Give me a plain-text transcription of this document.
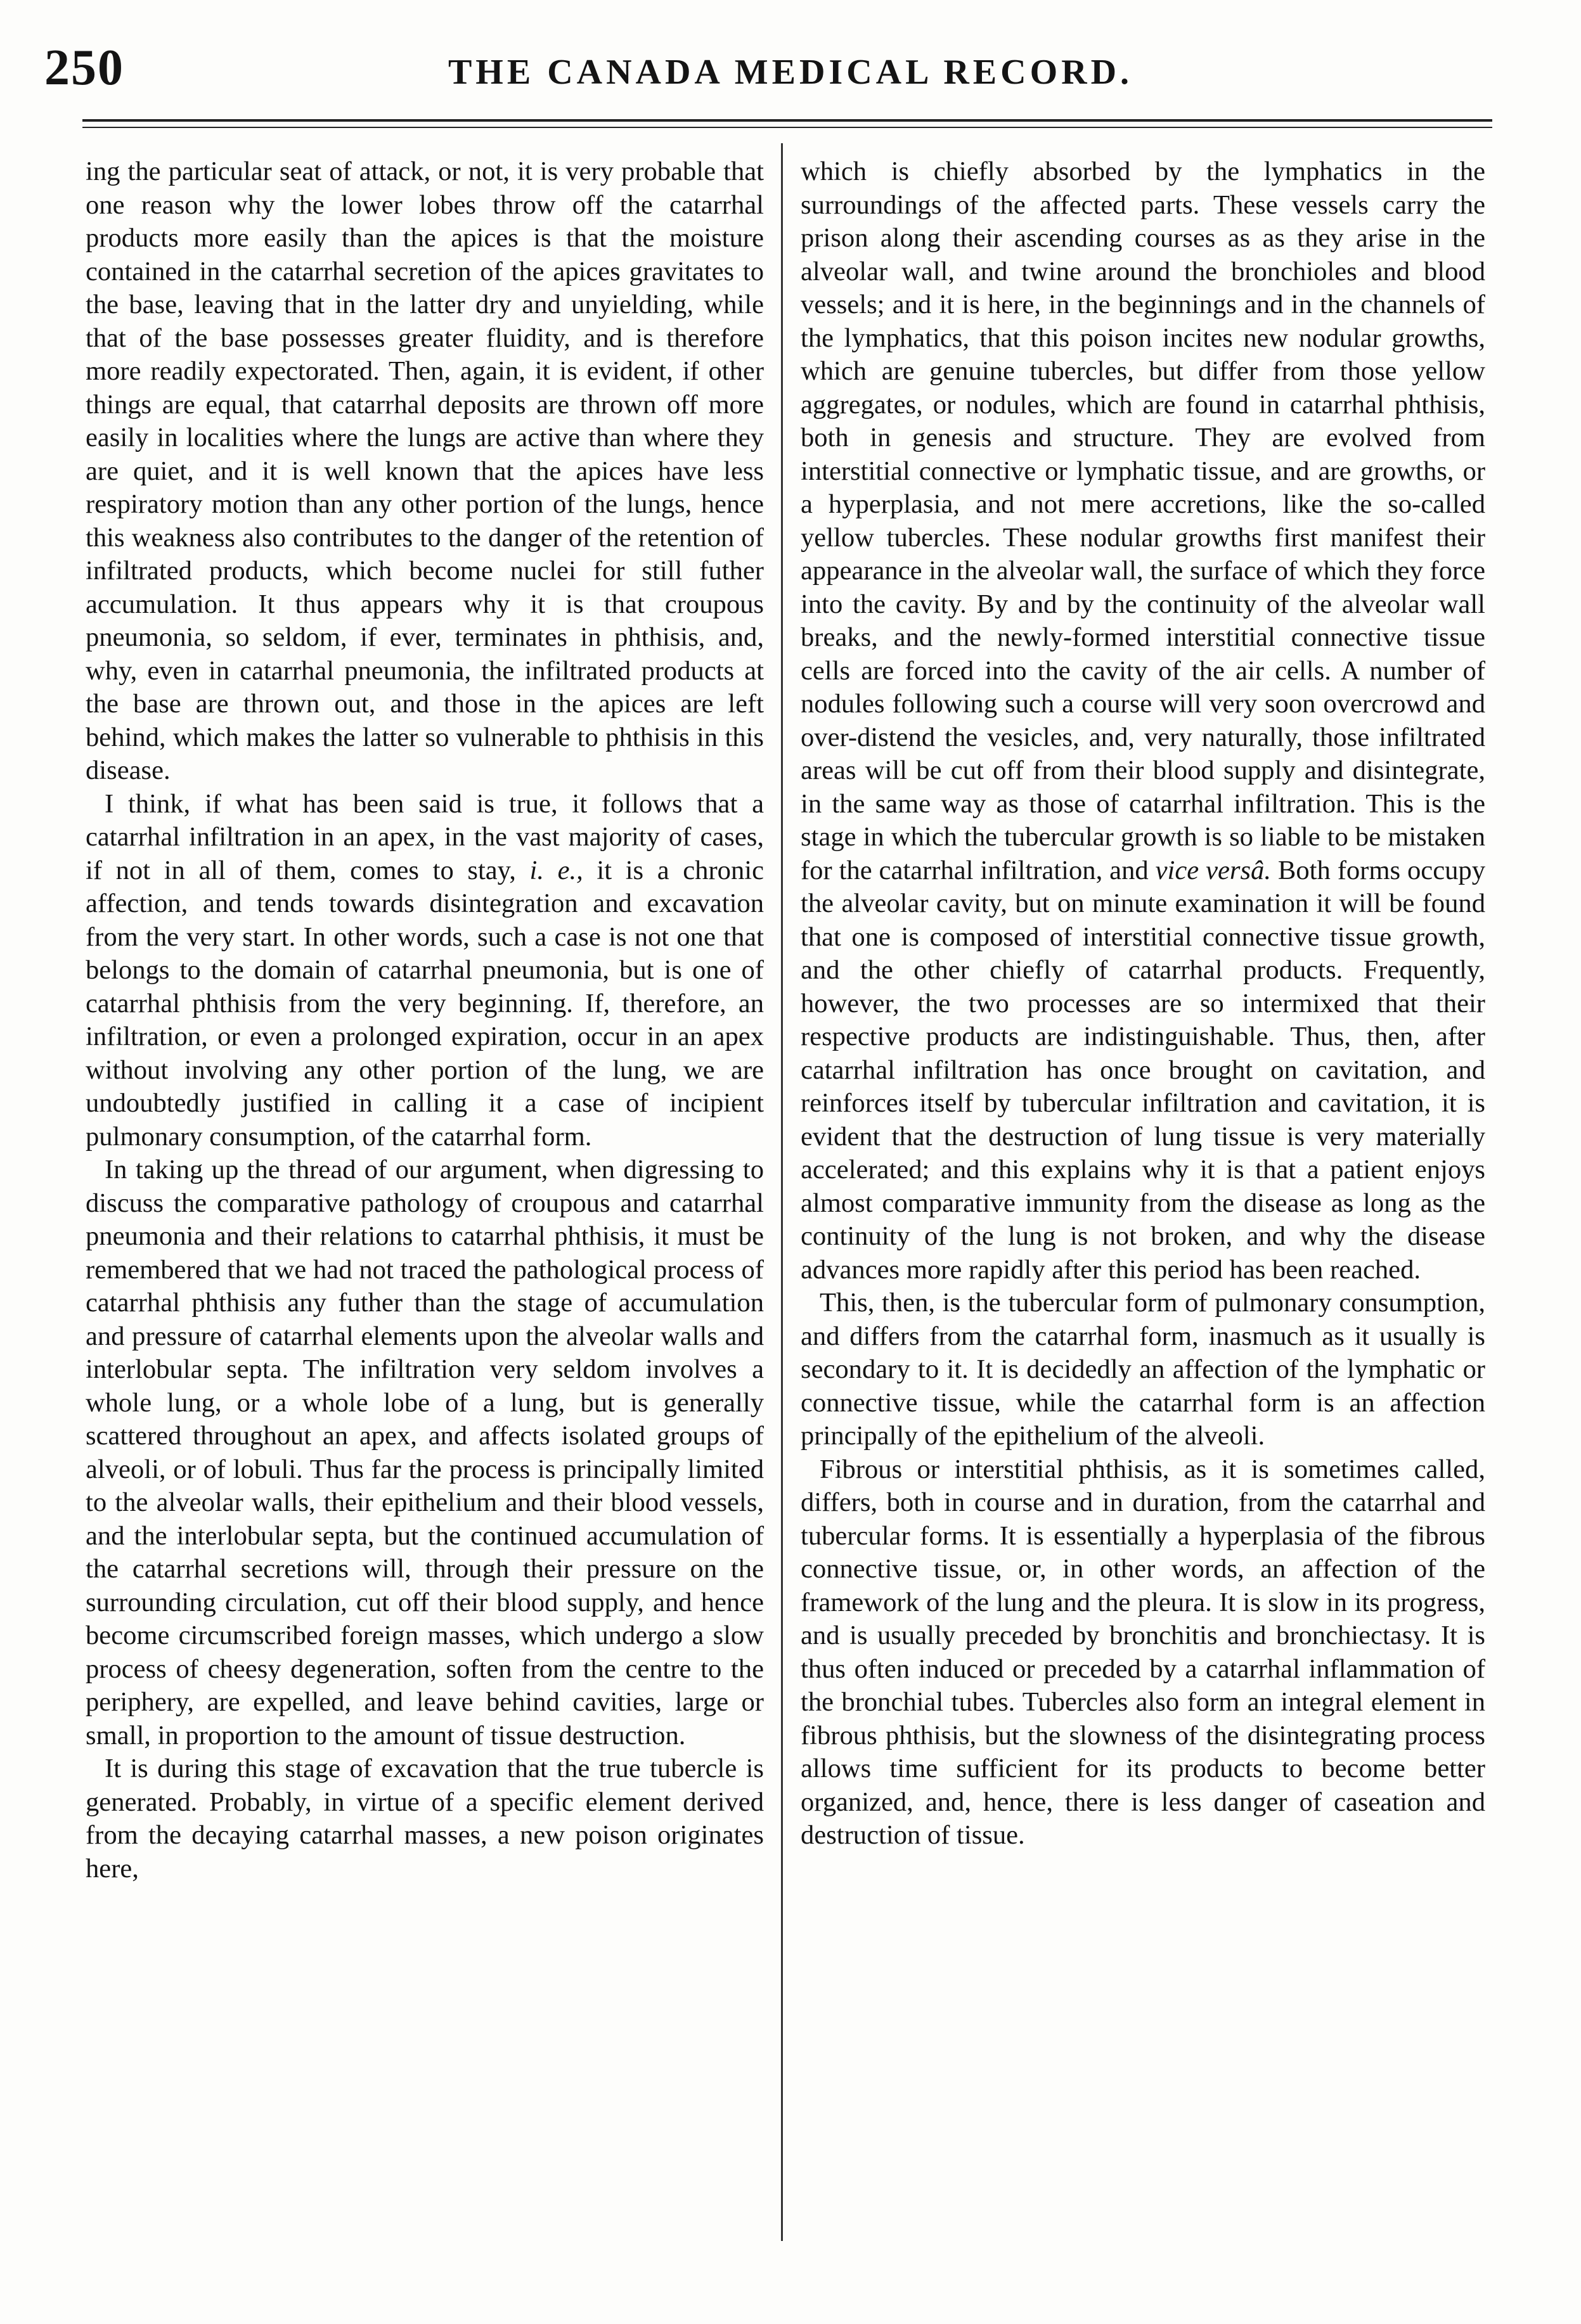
250	THE CANADA MEDICAL RECORD.

ing the particular seat of attack, or not, it is very probable that one reason why the lower lobes throw off the catarrhal products more easily than the apices is that the moisture contained in the catarrhal secretion of the apices gravitates to the base, leaving that in the latter dry and unyielding, while that of the base possesses greater fluidity, and is therefore more readily expectorated. Then, again, it is evident, if other things are equal, that catarrhal deposits are thrown off more easily in localities where the lungs are active than where they are quiet, and it is well known that the apices have less respiratory motion than any other portion of the lungs, hence this weakness also contributes to the danger of the retention of infiltrated products, which become nuclei for still futher accumulation. It thus appears why it is that croupous pneumonia, so seldom, if ever, terminates in phthisis, and, why, even in catarrhal pneumonia, the infiltrated products at the base are thrown out, and those in the apices are left behind, which makes the latter so vulnerable to phthisis in this disease.

I think, if what has been said is true, it follows that a catarrhal infiltration in an apex, in the vast majority of cases, if not in all of them, comes to stay, i. e., it is a chronic affection, and tends towards disintegration and excavation from the very start. In other words, such a case is not one that belongs to the domain of catarrhal pneumonia, but is one of catarrhal phthisis from the very beginning. If, therefore, an infiltration, or even a prolonged expiration, occur in an apex without involving any other portion of the lung, we are undoubtedly justified in calling it a case of incipient pulmonary consumption, of the catarrhal form.

In taking up the thread of our argument, when digressing to discuss the comparative pathology of croupous and catarrhal pneumonia and their relations to catarrhal phthisis, it must be remembered that we had not traced the pathological process of catarrhal phthisis any futher than the stage of accumulation and pressure of catarrhal elements upon the alveolar walls and interlobular septa. The infiltration very seldom involves a whole lung, or a whole lobe of a lung, but is generally scattered throughout an apex, and affects isolated groups of alveoli, or of lobuli. Thus far the process is principally limited to the alveolar walls, their epithelium and their blood vessels, and the interlobular septa, but the continued accumulation of the catarrhal secretions will, through their pressure on the surrounding circulation, cut off their blood supply, and hence become circumscribed foreign masses, which undergo a slow process of cheesy degeneration, soften from the centre to the periphery, are expelled, and leave behind cavities, large or small, in proportion to the amount of tissue destruction.

It is during this stage of excavation that the true tubercle is generated. Probably, in virtue of a specific element derived from the decaying catarrhal masses, a new poison originates here,

which is chiefly absorbed by the lymphatics in the surroundings of the affected parts. These vessels carry the prison along their ascending courses as as they arise in the alveolar wall, and twine around the bronchioles and blood vessels; and it is here, in the beginnings and in the channels of the lymphatics, that this poison incites new nodular growths, which are genuine tubercles, but differ from those yellow aggregates, or nodules, which are found in catarrhal phthisis, both in genesis and structure. They are evolved from interstitial connective or lymphatic tissue, and are growths, or a hyperplasia, and not mere accretions, like the so-called yellow tubercles. These nodular growths first manifest their appearance in the alveolar wall, the surface of which they force into the cavity. By and by the continuity of the alveolar wall breaks, and the newly-formed interstitial connective tissue cells are forced into the cavity of the air cells. A number of nodules following such a course will very soon overcrowd and over-distend the vesicles, and, very naturally, those infiltrated areas will be cut off from their blood supply and disintegrate, in the same way as those of catarrhal infiltration. This is the stage in which the tubercular growth is so liable to be mistaken for the catarrhal infiltration, and vice versâ. Both forms occupy the alveolar cavity, but on minute examination it will be found that one is composed of interstitial connective tissue growth, and the other chiefly of catarrhal products. Frequently, however, the two processes are so intermixed that their respective products are indistinguishable. Thus, then, after catarrhal infiltration has once brought on cavitation, and reinforces itself by tubercular infiltration and cavitation, it is evident that the destruction of lung tissue is very materially accelerated; and this explains why it is that a patient enjoys almost comparative immunity from the disease as long as the continuity of the lung is not broken, and why the disease advances more rapidly after this period has been reached.

This, then, is the tubercular form of pulmonary consumption, and differs from the catarrhal form, inasmuch as it usually is secondary to it. It is decidedly an affection of the lymphatic or connective tissue, while the catarrhal form is an affection principally of the epithelium of the alveoli.

Fibrous or interstitial phthisis, as it is sometimes called, differs, both in course and in duration, from the catarrhal and tubercular forms. It is essentially a hyperplasia of the fibrous connective tissue, or, in other words, an affection of the framework of the lung and the pleura. It is slow in its progress, and is usually preceded by bronchitis and bronchiectasy. It is thus often induced or preceded by a catarrhal inflammation of the bronchial tubes. Tubercles also form an integral element in fibrous phthisis, but the slowness of the disintegrating process allows time sufficient for its products to become better organized, and, hence, there is less danger of caseation and destruction of tissue.
